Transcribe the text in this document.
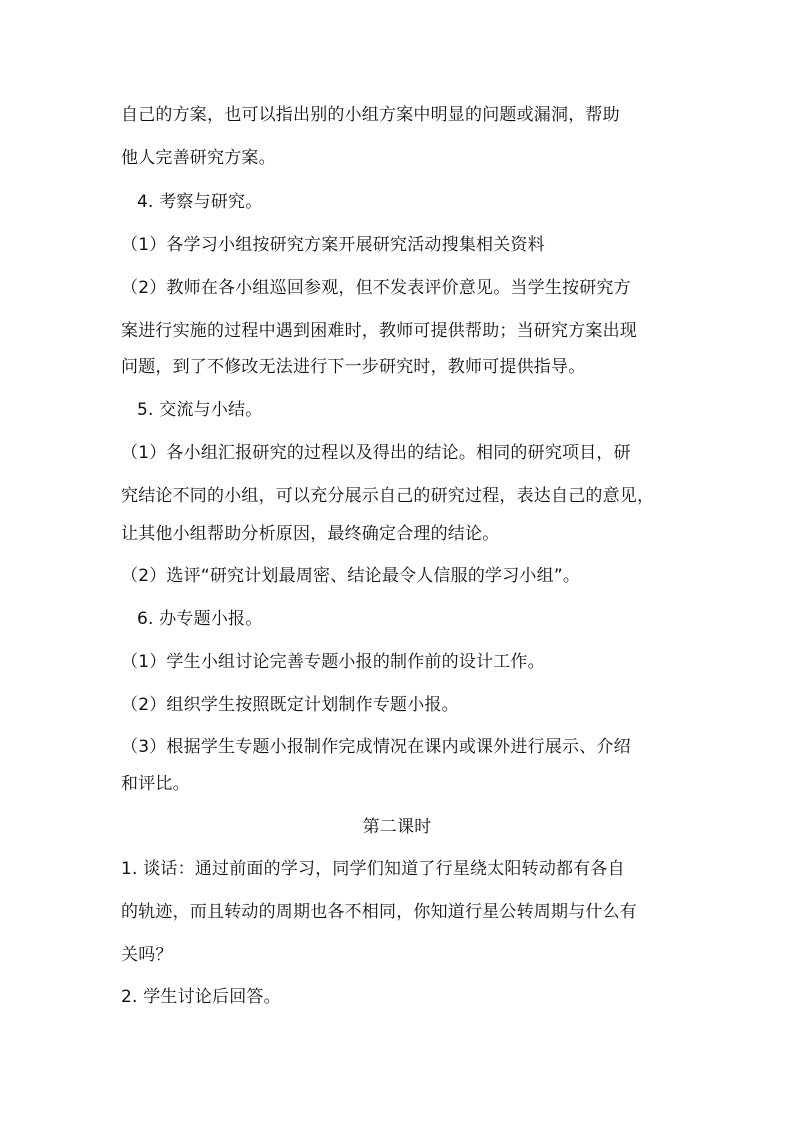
自己的方案，也可以指出别的小组方案中明显的问题或漏洞，帮助
他人完善研究方案。
4. 考察与研究。
（1）各学习小组按研究方案开展研究活动搜集相关资料
（2）教师在各小组巡回参观，但不发表评价意见。当学生按研究方
案进行实施的过程中遇到困难时，教师可提供帮助；当研究方案出现
问题，到了不修改无法进行下一步研究时，教师可提供指导。
5. 交流与小结。
（1）各小组汇报研究的过程以及得出的结论。相同的研究项目，研
究结论不同的小组，可以充分展示自己的研究过程，表达自己的意见，
让其他小组帮助分析原因，最终确定合理的结论。
（2）选评“研究计划最周密、结论最令人信服的学习小组”。
6. 办专题小报。
（1）学生小组讨论完善专题小报的制作前的设计工作。
（2）组织学生按照既定计划制作专题小报。
（3）根据学生专题小报制作完成情况在课内或课外进行展示、介绍
和评比。
第二课时
1. 谈话：通过前面的学习，同学们知道了行星绕太阳转动都有各自
的轨迹，而且转动的周期也各不相同，你知道行星公转周期与什么有
关吗？
2. 学生讨论后回答。
